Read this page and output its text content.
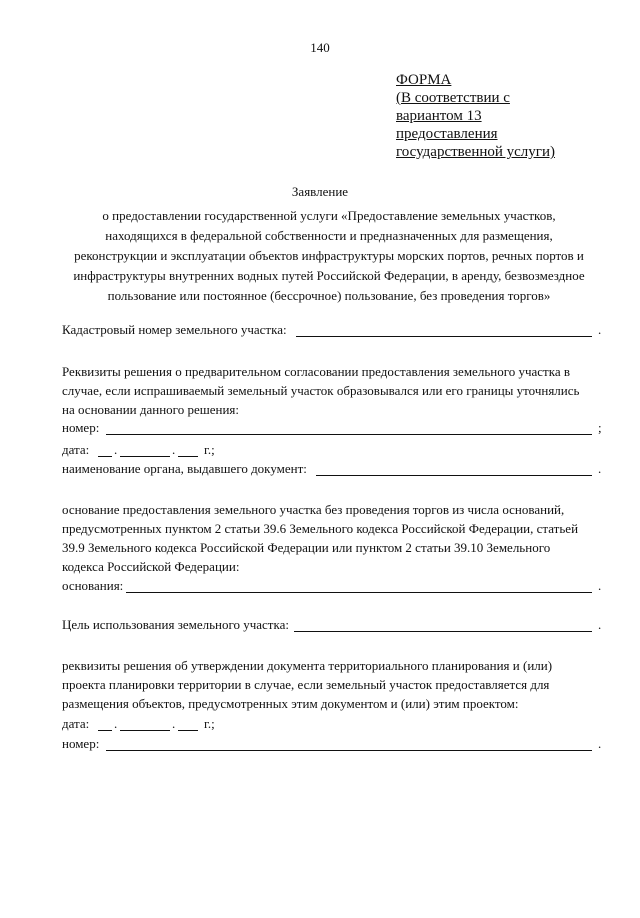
140
ФОРМА
(В соответствии с
вариантом 13
предоставления
государственной услуги)
Заявление
о предоставлении государственной услуги «Предоставление земельных участков,
находящихся в федеральной собственности и предназначенных для размещения,
реконструкции и эксплуатации объектов инфраструктуры морских портов, речных портов и
инфраструктуры внутренних водных путей Российской Федерации, в аренду, безвозмездное
пользование или постоянное (бессрочное) пользование, без проведения торгов»
Кадастровый номер земельного участка:	.
Реквизиты решения о предварительном согласовании предоставления земельного участка в
случае, если испрашиваемый земельный участок образовывался или его границы уточнялись
на основании данного решения:
номер:	;
дата: .	. г.;
наименование органа, выдавшего документ:	.
основание предоставления земельного участка без проведения торгов из числа оснований,
предусмотренных пунктом 2 статьи 39.6 Земельного кодекса Российской Федерации, статьей
39.9 Земельного кодекса Российской Федерации или пунктом 2 статьи 39.10 Земельного
кодекса Российской Федерации:
основания:	.
Цель использования земельного участка:	.
реквизиты решения об утверждении документа территориального планирования и (или)
проекта планировки территории в случае, если земельный участок предоставляется для
размещения объектов, предусмотренных этим документом и (или) этим проектом:
дата: .	. г.;
номер:	.
